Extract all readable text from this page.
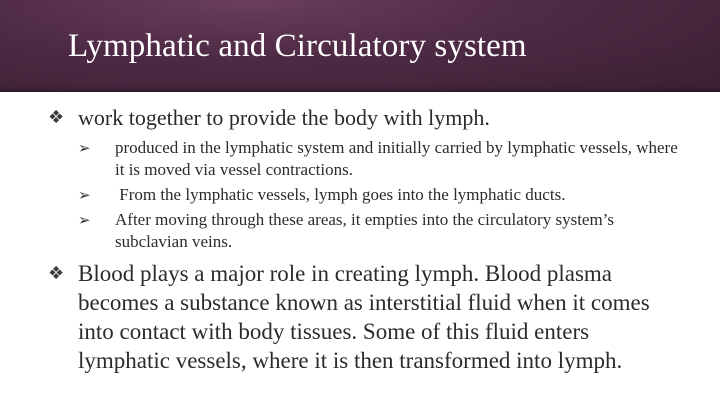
Lymphatic and Circulatory system
❖ work together to provide the body with lymph.
➢	produced in the lymphatic system and initially carried by lymphatic vessels, where it is moved via vessel contractions.
➢	From the lymphatic vessels, lymph goes into the lymphatic ducts.
➢	After moving through these areas, it empties into the circulatory system’s subclavian veins.
❖ Blood plays a major role in creating lymph. Blood plasma becomes a substance known as interstitial fluid when it comes into contact with body tissues. Some of this fluid enters lymphatic vessels, where it is then transformed into lymph.
